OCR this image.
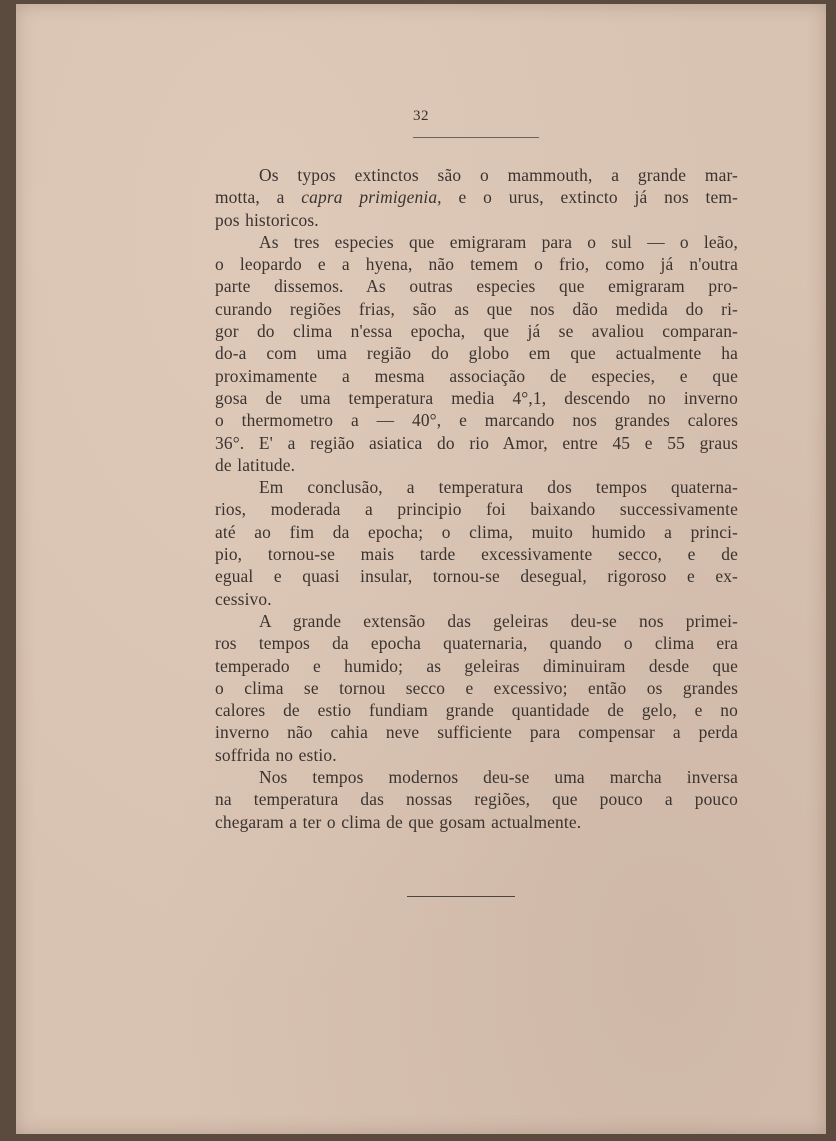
32
Os typos extinctos são o mammouth, a grande mar-
motta, a capra primigenia, e o urus, extincto já nos tem-
pos historicos.
As tres especies que emigraram para o sul — o leão,
o leopardo e a hyena, não temem o frio, como já n'outra
parte dissemos. As outras especies que emigraram pro-
curando regiões frias, são as que nos dão medida do ri-
gor do clima n'essa epocha, que já se avaliou comparan-
do-a com uma região do globo em que actualmente ha
proximamente a mesma associação de especies, e que
gosa de uma temperatura media 4°,1, descendo no inverno
o thermometro a — 40°, e marcando nos grandes calores
36°. E' a região asiatica do rio Amor, entre 45 e 55 graus
de latitude.
Em conclusão, a temperatura dos tempos quaterna-
rios, moderada a principio foi baixando successivamente
até ao fim da epocha; o clima, muito humido a princi-
pio, tornou-se mais tarde excessivamente secco, e de
egual e quasi insular, tornou-se desegual, rigoroso e ex-
cessivo.
A grande extensão das geleiras deu-se nos primei-
ros tempos da epocha quaternaria, quando o clima era
temperado e humido; as geleiras diminuiram desde que
o clima se tornou secco e excessivo; então os grandes
calores de estio fundiam grande quantidade de gelo, e no
inverno não cahia neve sufficiente para compensar a perda
soffrida no estio.
Nos tempos modernos deu-se uma marcha inversa
na temperatura das nossas regiões, que pouco a pouco
chegaram a ter o clima de que gosam actualmente.
